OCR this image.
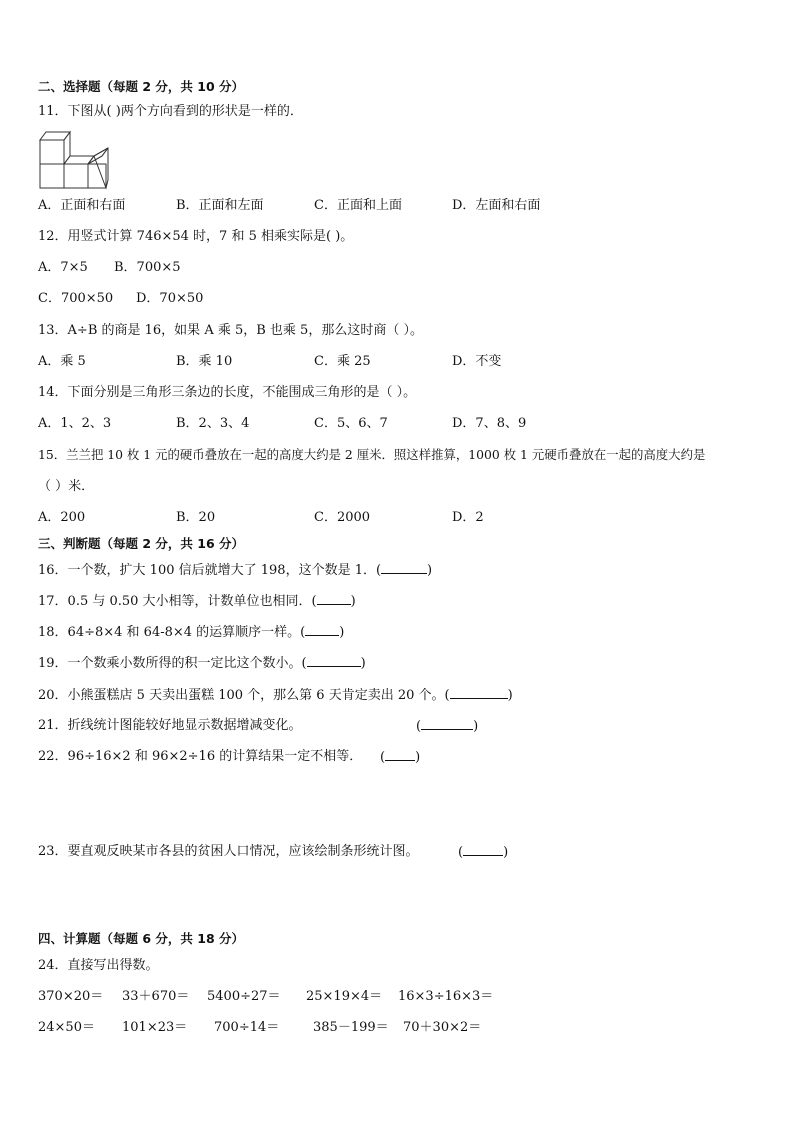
二、选择题（每题 2 分，共 10 分）
11．下图从( )两个方向看到的形状是一样的．
A．正面和右面	B．正面和左面	C．正面和上面	D．左面和右面
12．用竖式计算 746×54 时，7 和 5 相乘实际是( )。
A．7×5 B．700×5
C．700×50 D．70×50
13．A÷B 的商是 16，如果 A 乘 5，B 也乘 5，那么这时商（ ）。
A．乘 5	B．乘 10	C．乘 25	D．不变
14．下面分别是三角形三条边的长度，不能围成三角形的是（ ）。
A．1、2、3	B．2、3、4	C．5、6、7	D．7、8、9
15．兰兰把 10 枚 1 元的硬币叠放在一起的高度大约是 2 厘米．照这样推算，1000 枚 1 元硬币叠放在一起的高度大约是
（ ）米．
A．200	B．20	C．2000	D．2
三、判断题（每题 2 分，共 16 分）
16．一个数，扩大 100 信后就增大了 198，这个数是 1．(	)
17．0.5 与 0.50 大小相等，计数单位也相同．(	)
18．64÷8×4 和 64-8×4 的运算顺序一样。(	)
19．一个数乘小数所得的积一定比这个数小。(	)
20．小熊蛋糕店 5 天卖出蛋糕 100 个，那么第 6 天肯定卖出 20 个。(	)
21．折线统计图能较好地显示数据增减变化。	(	)
22．96÷16×2 和 96×2÷16 的计算结果一定不相等． ( )
23．要直观反映某市各县的贫困人口情况，应该绘制条形统计图。	(	)
四、计算题（每题 6 分，共 18 分）
24．直接写出得数。
370×20＝ 33＋670＝ 5400÷27＝ 25×19×4＝ 16×3÷16×3＝
24×50＝ 101×23＝ 700÷14＝	385－199＝ 70＋30×2＝
